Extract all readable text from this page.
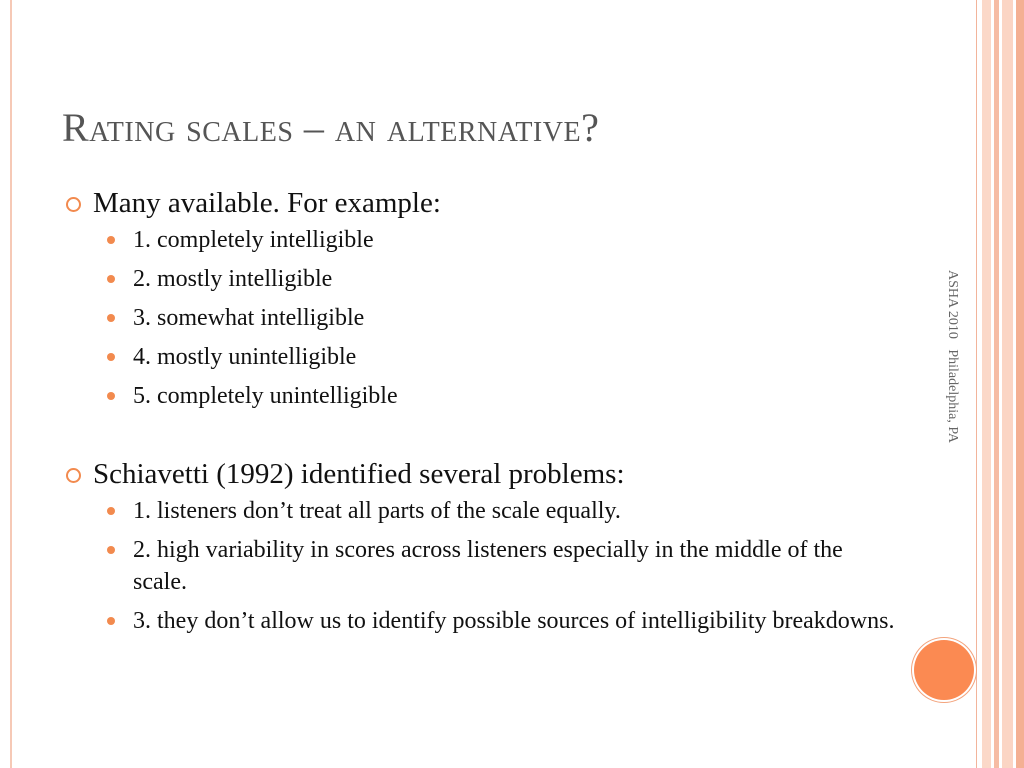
Rating scales – an alternative?
Many available. For example:
1. completely intelligible
2. mostly intelligible
3. somewhat intelligible
4. mostly unintelligible
5. completely unintelligible
Schiavetti (1992) identified several problems:
1. listeners don’t treat all parts of the scale equally.
2. high variability in scores across listeners especially in the middle of the scale.
3. they don’t allow us to identify possible sources of intelligibility breakdowns.
ASHA 2010   Philadelphia, PA
